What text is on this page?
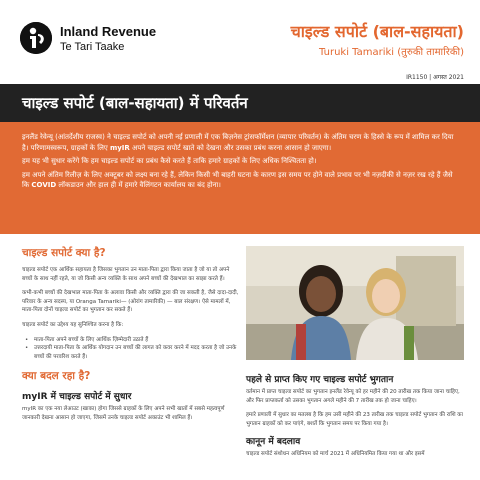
Inland Revenue
Te Tari Taake
चाइल्ड सपोर्ट (बाल-सहायता)
Turuki Tamariki (तुरुकी तामारिकी)
IR1150 | अगस्त 2021
चाइल्ड सपोर्ट (बाल-सहायता) में परिवर्तन

इनलैंड रेवेन्यू (आंतर्देशीय राजस्व) ने चाइल्ड सपोर्ट को अपनी नई प्रणाली में एक बिज़नेस ट्रांसफॉर्मेशन (व्यापार परिवर्तन) के अंतिम चरण के हिस्से के रूप में शामिल कर दिया है। परिणामस्वरूप, ग्राहकों के लिए myIR अपने चाइल्ड सपोर्ट खाते को देखना और उसका प्रबंध करना आसान हो जाएगा।

हम यह भी सुधार करेंगे कि हम चाइल्ड सपोर्ट का प्रबंध कैसे करते हैं ताकि हमारे ग्राहकों के लिए अधिक निश्चितता हो।

हम अपने अंतिम रिलीज़ के लिए अक्टूबर को लक्ष्य बना रहे हैं, लेकिन किसी भी बाहरी घटना के कारण इस समय पर होने वाले प्रभाव पर भी नज़दीकी से नज़र रख रहे हैं जैसे कि COVID लॉकडाउन और हाल ही में हमारे वैलिंगटन कार्यालय का बंद होना।

चाइल्ड सपोर्ट क्या है?

चाइल्ड सपोर्ट एक आर्थिक सहायता है जिसका भुगतान उन माता-पिता द्वारा किया जाता है जो या तो अपने बच्चों के साथ नहीं रहते, या जो किसी अन्य व्यक्ति के साथ अपने बच्चों की देखभाल का साझा करते हैं।

कभी-कभी बच्चों की देखभाल माता-पिता के अलावा किसी और व्यक्ति द्वारा की जा सकती है, जैसे दादा-दादी, परिवार के अन्य सदस्य, या Oranga Tamariki— (ओरांग तामारिकी) — बाल संरक्षण। ऐसे मामलों में, माता-पिता दोनों चाइल्ड सपोर्ट का भुगतान कर सकते हैं।

चाइल्ड सपोर्ट का उद्देश्य यह सुनिश्चित करना है कि:

• माता-पिता अपने बच्चों के लिए आर्थिक ज़िम्मेदारी उठाते हैं
• उत्तरदायी माता-पिता के आर्थिक योगदान उन बच्चों की लागत को कवर करने में मदद करता है जो उनके बच्चों की परवरिश करते हैं।
क्या बदल रहा है?
myIR में चाइल्ड सपोर्ट में सुधार

myIR का एक नया लेआउट (खाका) होगा जिससे ग्राहकों के लिए अपने सभी खातों में सबसे महत्वपूर्ण जानकारी देखना आसान हो जाएगा, जिसमें उनके चाइल्ड सपोर्ट अकाउंट भी शामिल हैं।

पहले से प्राप्त किए गए चाइल्ड सपोर्ट भुगतान

वर्तमान में प्राप्त चाइल्ड सपोर्ट का भुगतान इनलैंड रेवेन्यू को हर महीने की 20 तारीख तक किया जाना चाहिए, और फिर प्राप्तकर्ता को उसका भुगतान अगले महीने की 7 तारीख तक हो जाना चाहिए।

हमारे प्रणाली में सुधार का मतलब है कि हम उसी महीने की 23 तारीख तक चाइल्ड सपोर्ट भुगतान की राशि का भुगतान ग्राहकों को कर पाएंगे, बशर्ते कि भुगतान समय पर किया गया है।

कानून में बदलाव

चाइल्ड सपोर्ट संशोधन अधिनियम को मार्च 2021 में अधिनियमित किया गया था और इसमें
